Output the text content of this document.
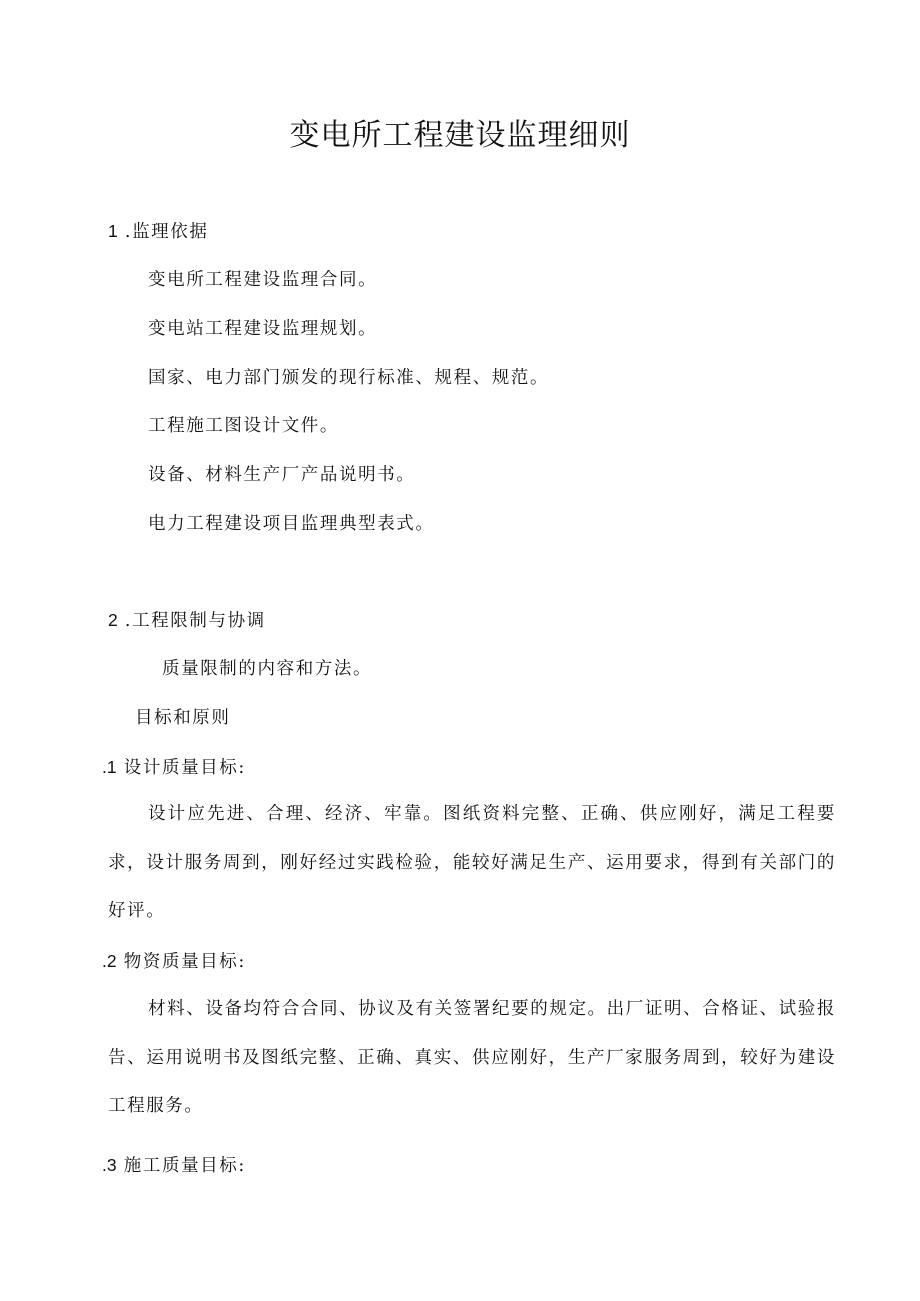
变电所工程建设监理细则
1 .监理依据
变电所工程建设监理合同。
变电站工程建设监理规划。
国家、电力部门颁发的现行标准、规程、规范。
工程施工图设计文件。
设备、材料生产厂产品说明书。
电力工程建设项目监理典型表式。
2 .工程限制与协调
质量限制的内容和方法。
目标和原则
.1 设计质量目标:
设计应先进、合理、经济、牢靠。图纸资料完整、正确、供应刚好，满足工程要求，设计服务周到，刚好经过实践检验，能较好满足生产、运用要求，得到有关部门的好评。
.2 物资质量目标:
材料、设备均符合合同、协议及有关签署纪要的规定。出厂证明、合格证、试验报告、运用说明书及图纸完整、正确、真实、供应刚好，生产厂家服务周到，较好为建设工程服务。
.3 施工质量目标:
